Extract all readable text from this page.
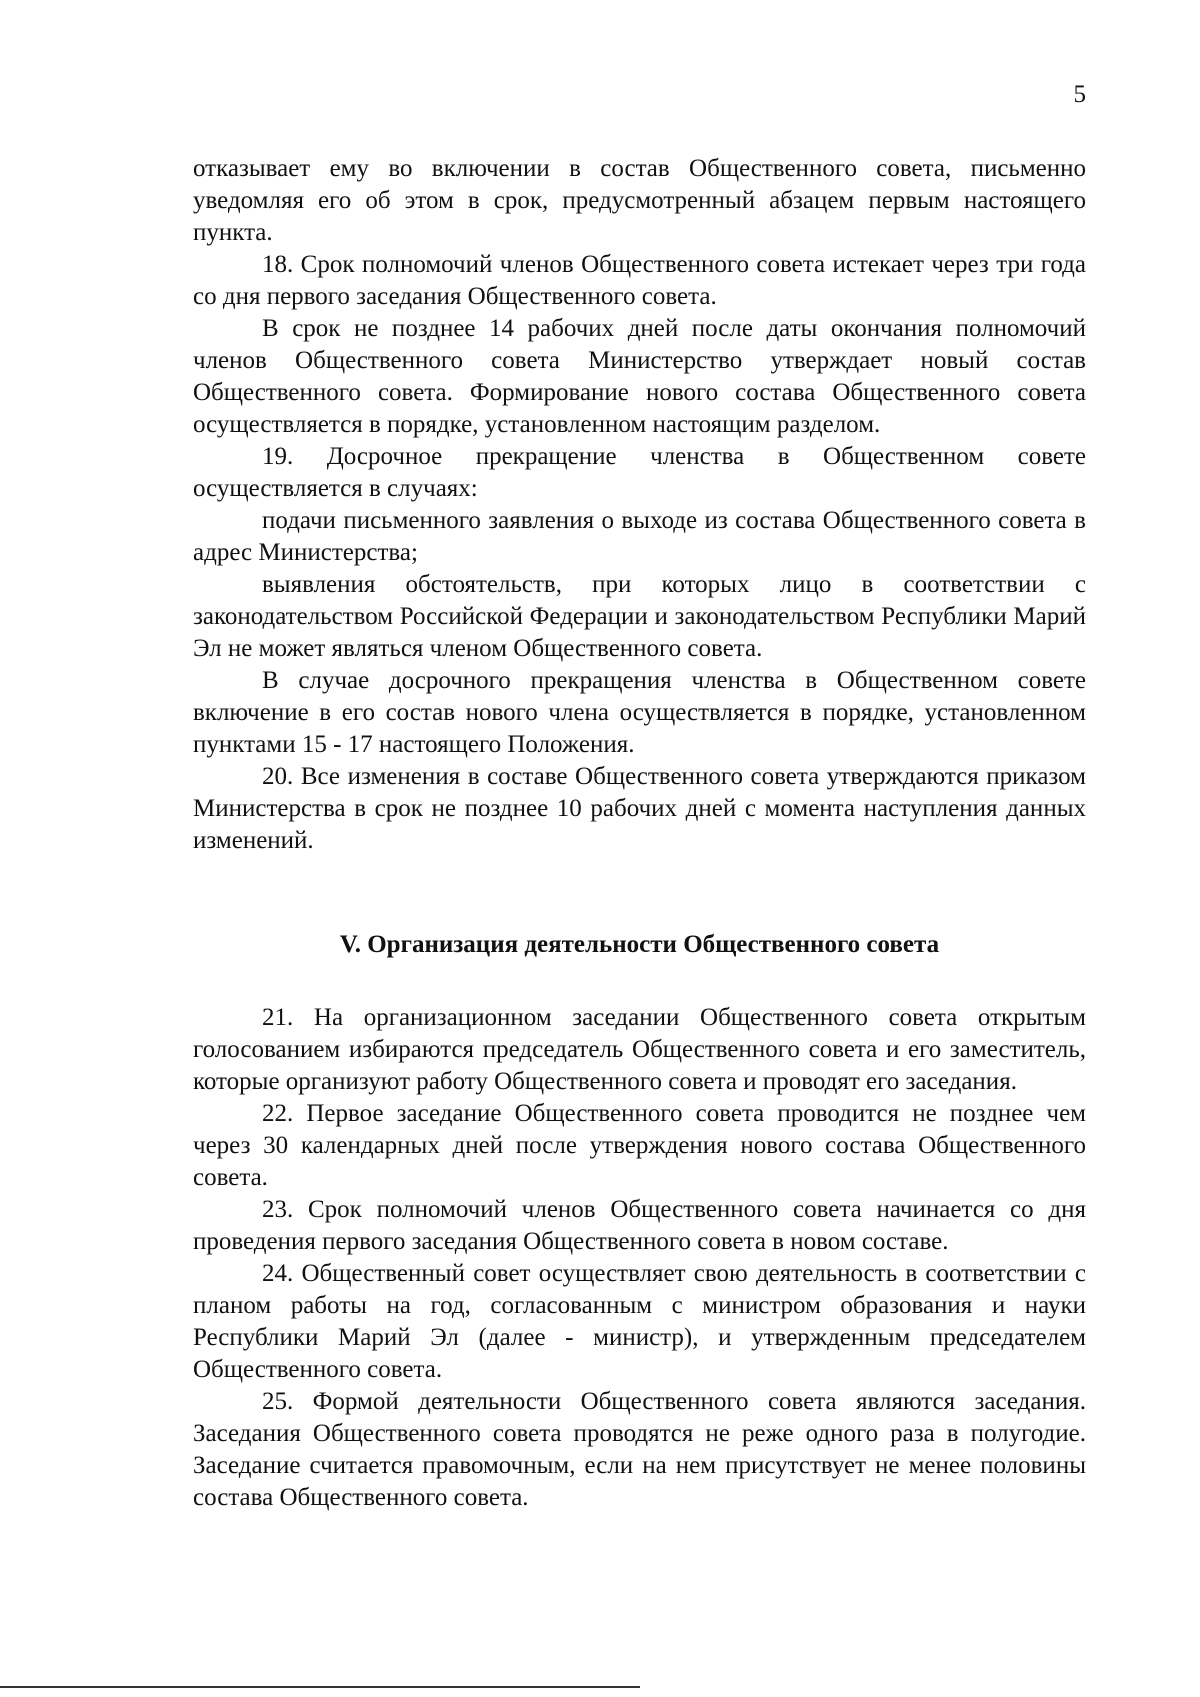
5

отказывает ему во включении в состав Общественного совета, письменно уведомляя его об этом в срок, предусмотренный абзацем первым настоящего пункта.

18. Срок полномочий членов Общественного совета истекает через три года со дня первого заседания Общественного совета.

В срок не позднее 14 рабочих дней после даты окончания полномочий членов Общественного совета Министерство утверждает новый состав Общественного совета. Формирование нового состава Общественного совета осуществляется в порядке, установленном настоящим разделом.

19. Досрочное прекращение членства в Общественном совете осуществляется в случаях:

подачи письменного заявления о выходе из состава Общественного совета в адрес Министерства;

выявления обстоятельств, при которых лицо в соответствии с законодательством Российской Федерации и законодательством Республики Марий Эл не может являться членом Общественного совета.

В случае досрочного прекращения членства в Общественном совете включение в его состав нового члена осуществляется в порядке, установленном пунктами 15 - 17 настоящего Положения.

20. Все изменения в составе Общественного совета утверждаются приказом Министерства в срок не позднее 10 рабочих дней с момента наступления данных изменений.

V. Организация деятельности Общественного совета

21. На организационном заседании Общественного совета открытым голосованием избираются председатель Общественного совета и его заместитель, которые организуют работу Общественного совета и проводят его заседания.

22. Первое заседание Общественного совета проводится не позднее чем через 30 календарных дней после утверждения нового состава Общественного совета.

23. Срок полномочий членов Общественного совета начинается со дня проведения первого заседания Общественного совета в новом составе.

24. Общественный совет осуществляет свою деятельность в соответствии с планом работы на год, согласованным с министром образования и науки Республики Марий Эл (далее - министр), и утвержденным председателем Общественного совета.

25. Формой деятельности Общественного совета являются заседания. Заседания Общественного совета проводятся не реже одного раза в полугодие. Заседание считается правомочным, если на нем присутствует не менее половины состава Общественного совета.
